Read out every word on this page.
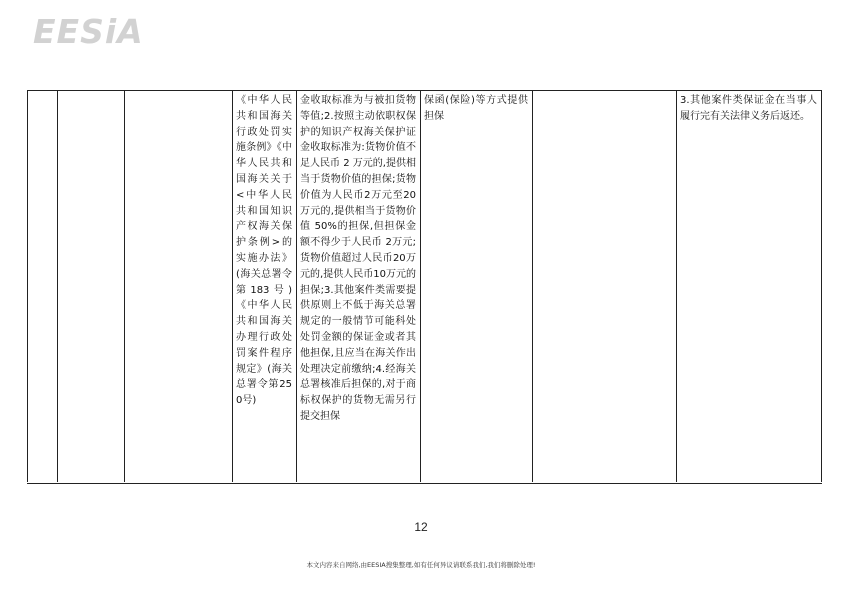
EESiA
《中华人民共和国海关行政处罚实施条例》《中华人民共和国海关关于<中华人民共和国知识产权海关保护条例>的实施办法》(海关总署令第183号)《中华人民共和国海关办理行政处罚案件程序规定》(海关总署令第250号)
金收取标准为与被扣货物等值;2.按照主动依职权保护的知识产权海关保护证金收取标准为:货物价值不足人民币 2 万元的,提供相当于货物价值的担保;货物价值为人民币2万元至20万元的,提供相当于货物价值 50%的担保,但担保金额不得少于人民币 2万元;货物价值超过人民币20万元的,提供人民币10万元的担保;3.其他案件类需要提供原则上不低于海关总署规定的一般情节可能科处处罚金额的保证金或者其他担保,且应当在海关作出处理决定前缴纳;4.经海关总署核准后担保的,对于商标权保护的货物无需另行提交担保
保函(保险)等方式提供担保
3.其他案件类保证金在当事人履行完有关法律义务后返还。
12
本文内容来自网络,由EESIA搜集整理,如有任何异议请联系我们,我们将删除处理!
